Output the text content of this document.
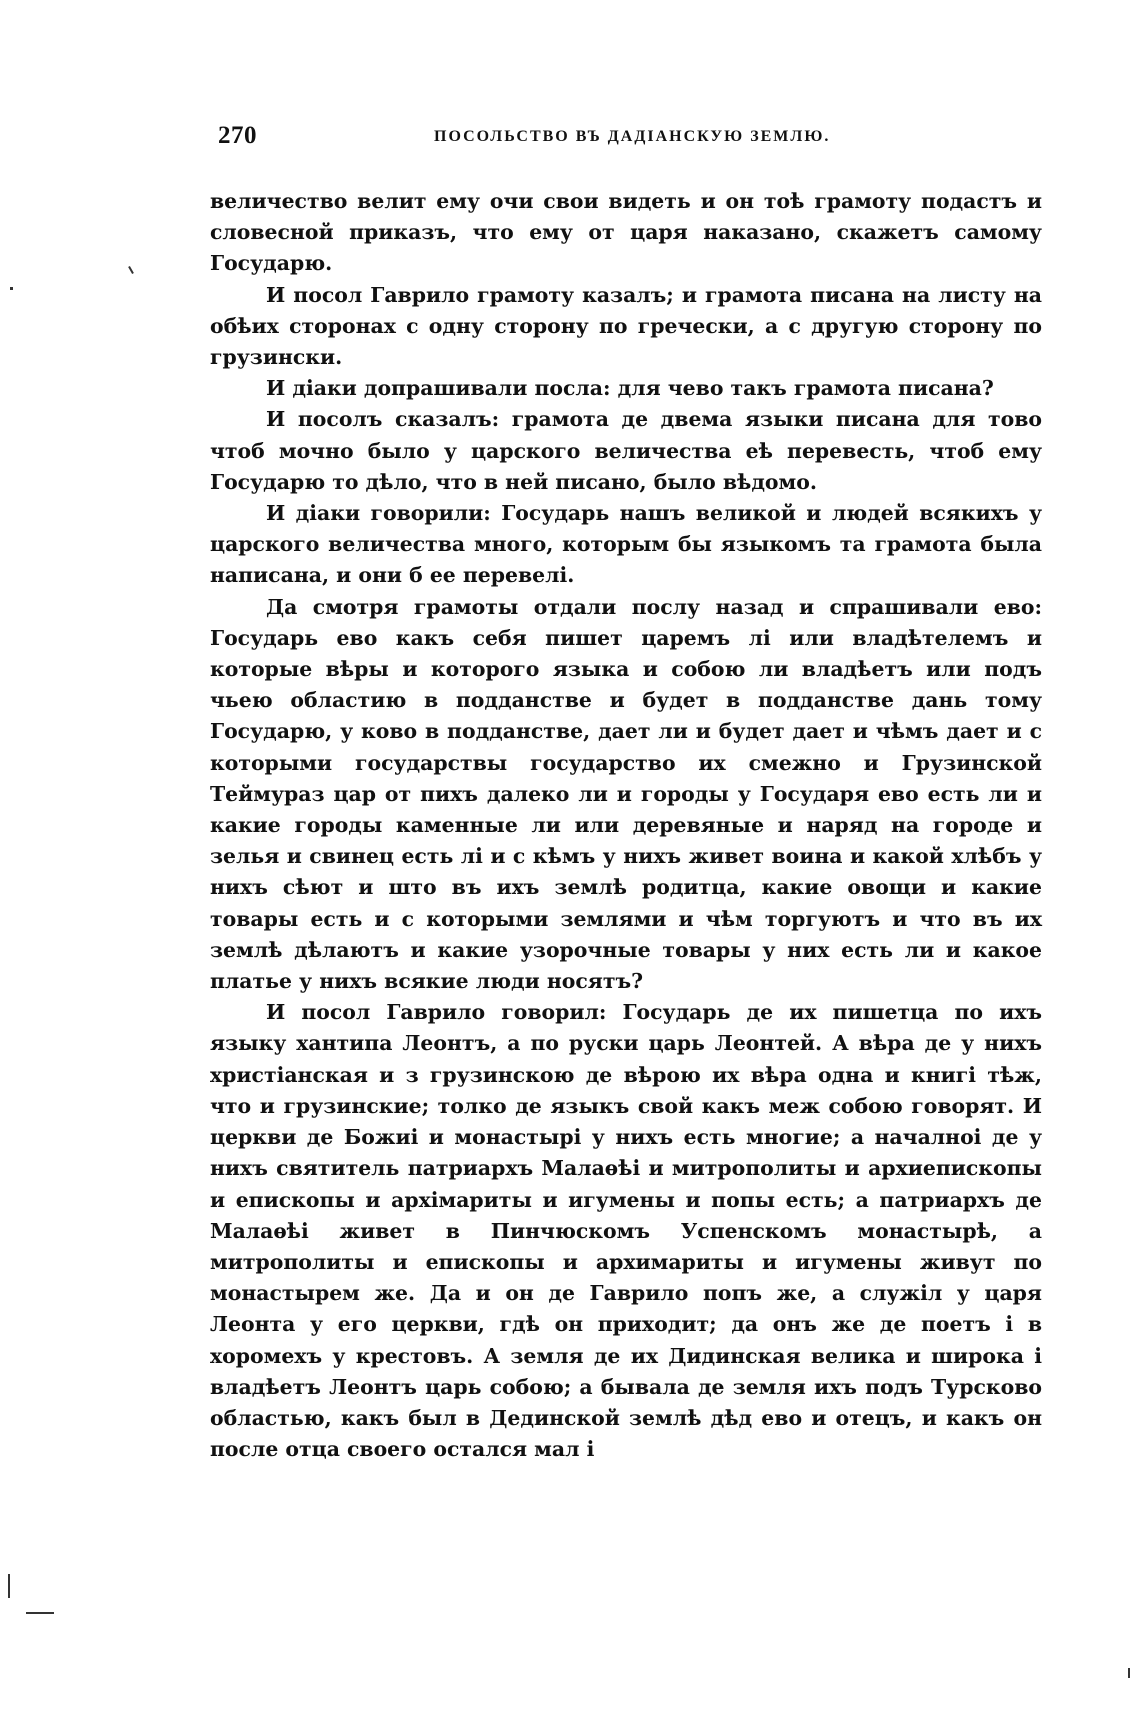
270	ПОСОЛЬСТВО ВЪ ДАДІАНСКУЮ ЗЕМЛЮ.

величество велит ему очи свои видеть и он тоѣ грамоту подастъ и словесной приказъ, что ему от царя наказано, скажетъ самому Государю.

И посол Гаврило грамоту казалъ; и грамота писана на листу на обѣих сторонах с одну сторону по гречески, а с другую сторону по грузински.

И діаки допрашивали посла: для чево такъ грамота писана?

И посолъ сказалъ: грамота де двема языки писана для тово чтоб мочно было у царского величества еѣ перевесть, чтоб ему Государю то дѣло, что в ней писано, было вѣдомо.

И діаки говорили: Государь нашъ великой и людей всякихъ у царского величества много, которым бы языкомъ та грамота была написана, и они б ее перевелі.

Да смотря грамоты отдали послу назад и спрашивали ево: Государь ево какъ себя пишет царемъ лі или владѣтелемъ и которые вѣры и которого языка и собою ли владѣетъ или подъ чьею областию в подданстве и будет в подданстве дань тому Государю, у ково в подданстве, дает ли и будет дает и чѣмъ дает и с которыми государствы государство их смежно и Грузинской Теймураз цар от пихъ далеко ли и городы у Государя ево есть ли и какие городы каменные ли или деревяные и наряд на городе и зелья и свинец есть лі и с кѣмъ у нихъ живет воина и какой хлѣбъ у нихъ сѣют и што въ ихъ землѣ родитца, какие овощи и какие товары есть и с которыми землями и чѣм торгуютъ и что въ их землѣ дѣлаютъ и какие узорочные товары у них есть ли и какое платье у нихъ всякие люди носятъ?

И посол Гаврило говорил: Государь де их пишетца по ихъ языку хантипа Леонтъ, а по руски царь Леонтей. А вѣра де у нихъ христіанская и з грузинскою де вѣрою их вѣра одна и книгі тѣж, что и грузинские; толко де языкъ свой какъ меж собою говорят. И церкви де Божиі и монастырі у нихъ есть многие; а началноі де у нихъ святитель патриархъ Малаѳѣі и митрополиты и архиепископы и епископы и архімариты и игумены и попы есть; а патриархъ де Малаѳѣі живет в Пинчюскомъ Успенскомъ монастырѣ, а митрополиты и епископы и архимариты и игумены живут по монастырем же. Да и он де Гаврило попъ же, а служіл у царя Леонта у его церкви, гдѣ он приходит; да онъ же де поетъ і в хоромехъ у крестовъ. А земля де их Дидинская велика и широка і владѣетъ Леонтъ царь собою; а бывала де земля ихъ подъ Турсково областью, какъ был в Дединской землѣ дѣд ево и отецъ, и какъ он после отца своего остался мал і
